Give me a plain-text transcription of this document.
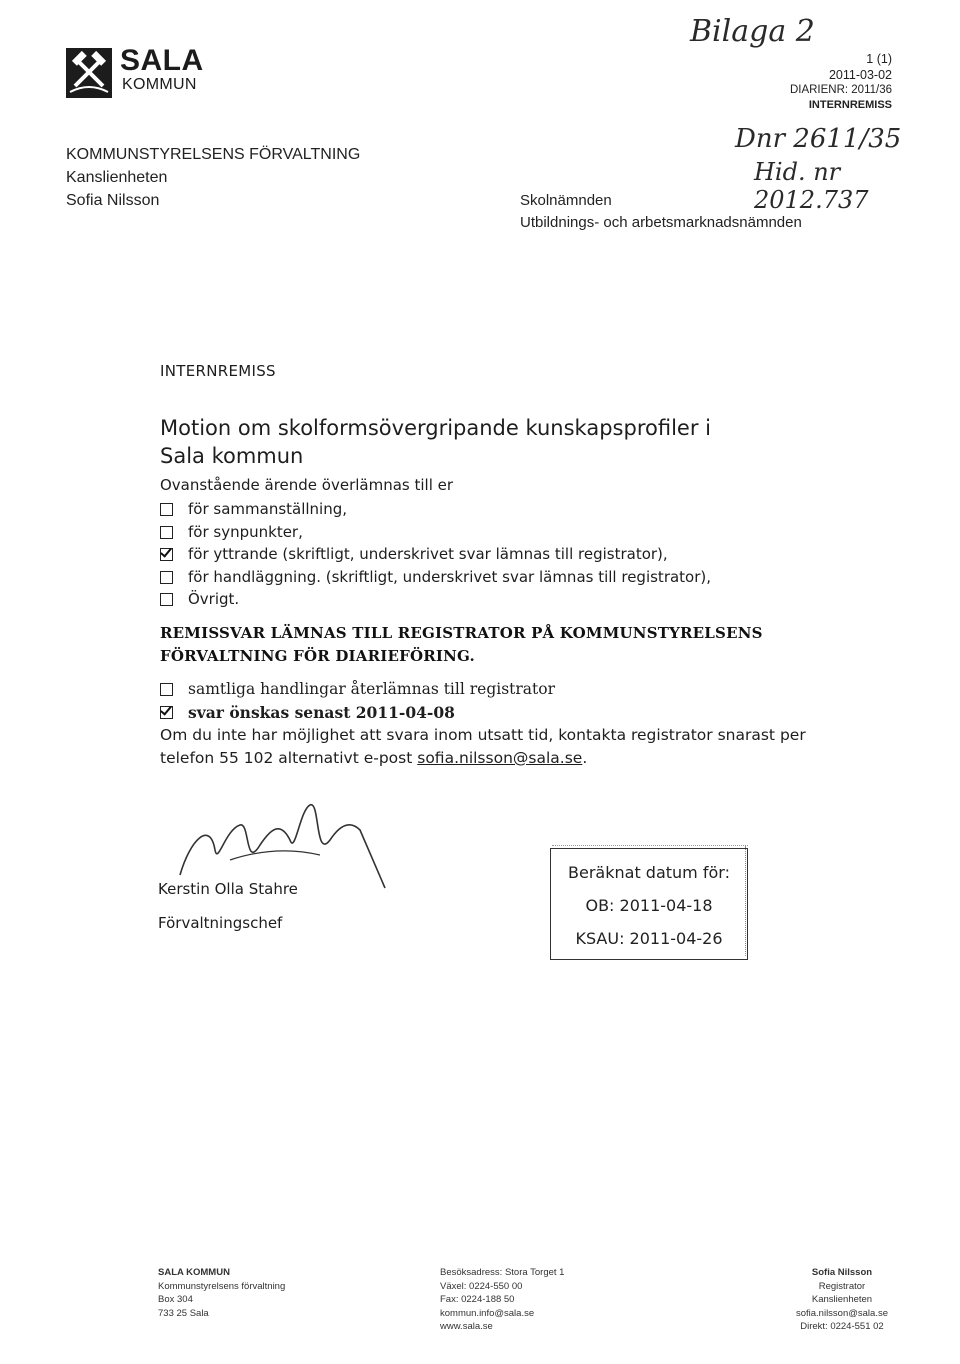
SALA
KOMMUN
1 (1)
2011-03-02
DIARIENR: 2011/36
INTERNREMISS
Bilaga 2
Dnr 2611/35
Hid. nr 2012.737
KOMMUNSTYRELSENS FÖRVALTNING
Kanslienheten
Sofia Nilsson	Skolnämnden
Utbildnings- och arbetsmarknadsnämnden
INTERNREMISS
Motion om skolformsövergripande kunskapsprofiler i Sala kommun
Ovanstående ärende överlämnas till er
för sammanställning,
för synpunkter,
för yttrande (skriftligt, underskrivet svar lämnas till registrator),
för handläggning. (skriftligt, underskrivet svar lämnas till registrator),
Övrigt.
REMISSVAR LÄMNAS TILL REGISTRATOR PÅ KOMMUNSTYRELSENS
FÖRVALTNING FÖR DIARIEFÖRING.
samtliga handlingar återlämnas till registrator
svar önskas senast 2011-04-08
Om du inte har möjlighet att svara inom utsatt tid, kontakta registrator snarast per
telefon 55 102 alternativt e-post sofia.nilsson@sala.se.
Kerstin Olla Stahre
Förvaltningschef
Beräknat datum för:
OB: 2011-04-18
KSAU: 2011-04-26
SALA KOMMUN
Kommunstyrelsens förvaltning
Box 304
733 25 Sala
Besöksadress: Stora Torget 1
Växel: 0224-550 00
Fax: 0224-188 50
kommun.info@sala.se
www.sala.se
Sofia Nilsson
Registrator
Kanslienheten
sofia.nilsson@sala.se
Direkt: 0224-551 02
